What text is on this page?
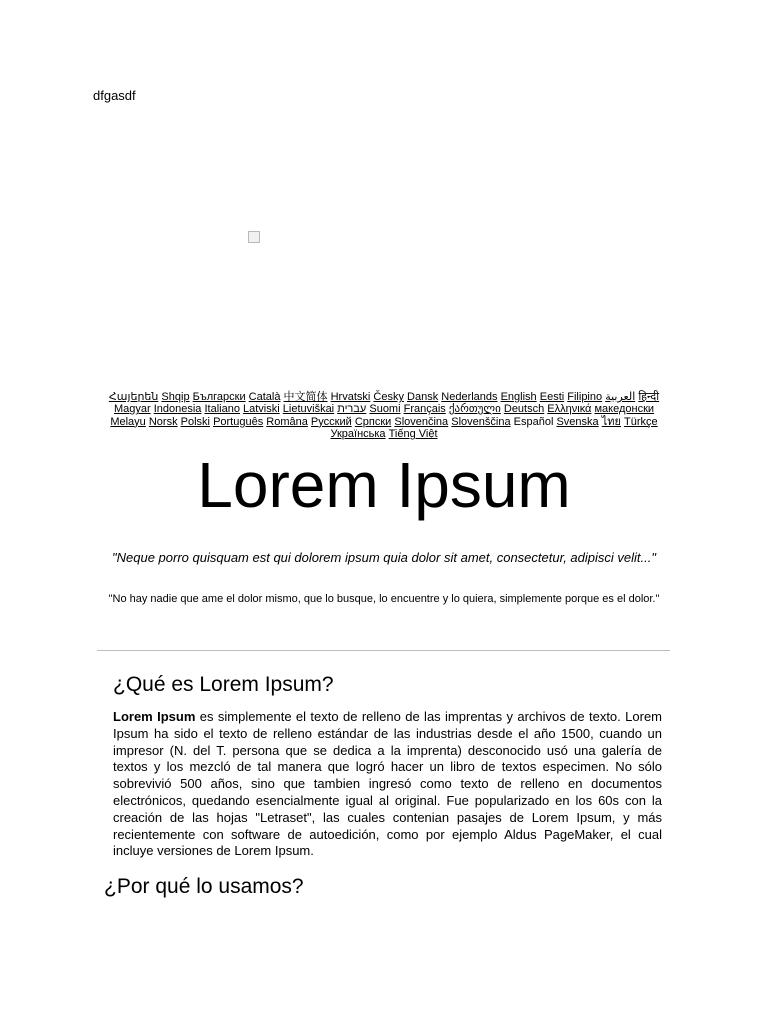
dfgasdf
Հայերեն Shqip Български Català 中文简体 Hrvatski Česky Dansk Nederlands English Eesti Filipino العربية हिन्दी Magyar Indonesia Italiano Latviski Lietuviškai עברית Suomi Français ქართული Deutsch Ελληνικά македонски Melayu Norsk Polski Português Româna Pусский Српски Slovenčina Slovenščina Español Svenska ไทย Türkçe Українська Tiếng Việt
Lorem Ipsum

"Neque porro quisquam est qui dolorem ipsum quia dolor sit amet, consectetur, adipisci velit..."

"No hay nadie que ame el dolor mismo, que lo busque, lo encuentre y lo quiera, simplemente porque es el dolor."

¿Qué es Lorem Ipsum?

Lorem Ipsum es simplemente el texto de relleno de las imprentas y archivos de texto. Lorem Ipsum ha sido el texto de relleno estándar de las industrias desde el año 1500, cuando un impresor (N. del T. persona que se dedica a la imprenta) desconocido usó una galería de textos y los mezcló de tal manera que logró hacer un libro de textos especimen. No sólo sobrevivió 500 años, sino que tambien ingresó como texto de relleno en documentos electrónicos, quedando esencialmente igual al original. Fue popularizado en los 60s con la creación de las hojas "Letraset", las cuales contenian pasajes de Lorem Ipsum, y más recientemente con software de autoedición, como por ejemplo Aldus PageMaker, el cual incluye versiones de Lorem Ipsum.

¿Por qué lo usamos?
